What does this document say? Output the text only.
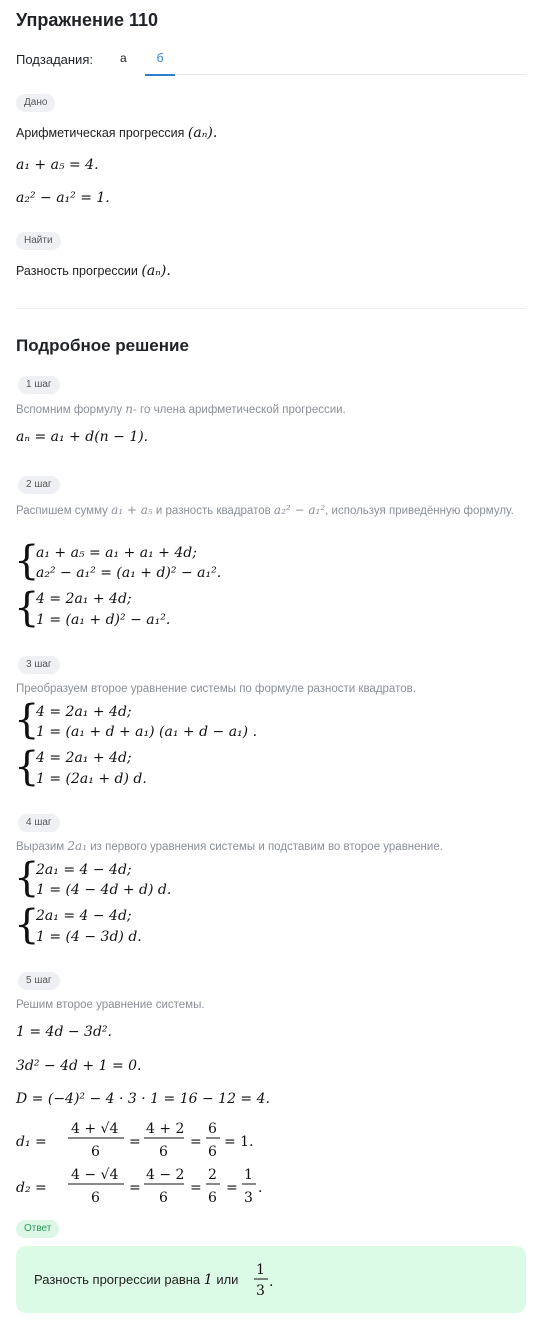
Упражнение 110
Подзадания: а	б
Дано
Арифметическая прогрессия (aₙ).
a₁ + a₅ = 4.
a₂² − a₁² = 1.
Найти
Разность прогрессии (aₙ).
Подробное решение
1 шаг
Вспомним формулу n- го члена арифметической прогрессии.
aₙ = a₁ + d(n − 1).
2 шаг
Распишем сумму a₁ + a₅ и разность квадратов a₂² − a₁², используя приведённую формулу.
{
a₁ + a₅ = a₁ + a₁ + 4d;
a₂² − a₁² = (a₁ + d)² − a₁².
{
4 = 2a₁ + 4d;
1 = (a₁ + d)² − a₁².
3 шаг
Преобразуем второе уравнение системы по формуле разности квадратов.
{
4 = 2a₁ + 4d;
1 = (a₁ + d + a₁) (a₁ + d − a₁) .
{
4 = 2a₁ + 4d;
1 = (2a₁ + d) d.
4 шаг
Выразим 2a₁ из первого уравнения системы и подставим во второе уравнение.
{
2a₁ = 4 − 4d;
1 = (4 − 4d + d) d.
{
2a₁ = 4 − 4d;
1 = (4 − 3d) d.
5 шаг
Решим второе уравнение системы.
1 = 4d − 3d².
3d² − 4d + 1 = 0.
D = (−4)² − 4 · 3 · 1 = 16 − 12 = 4.
d₁ =
4 + √4
6
=
4 + 2
6
=
6
6
= 1.
d₂ =
4 − √4
6
=
4 − 2
6
=
2
6
=
1
3
.
Ответ
Разность прогрессии равна 1 или
1
3
.
